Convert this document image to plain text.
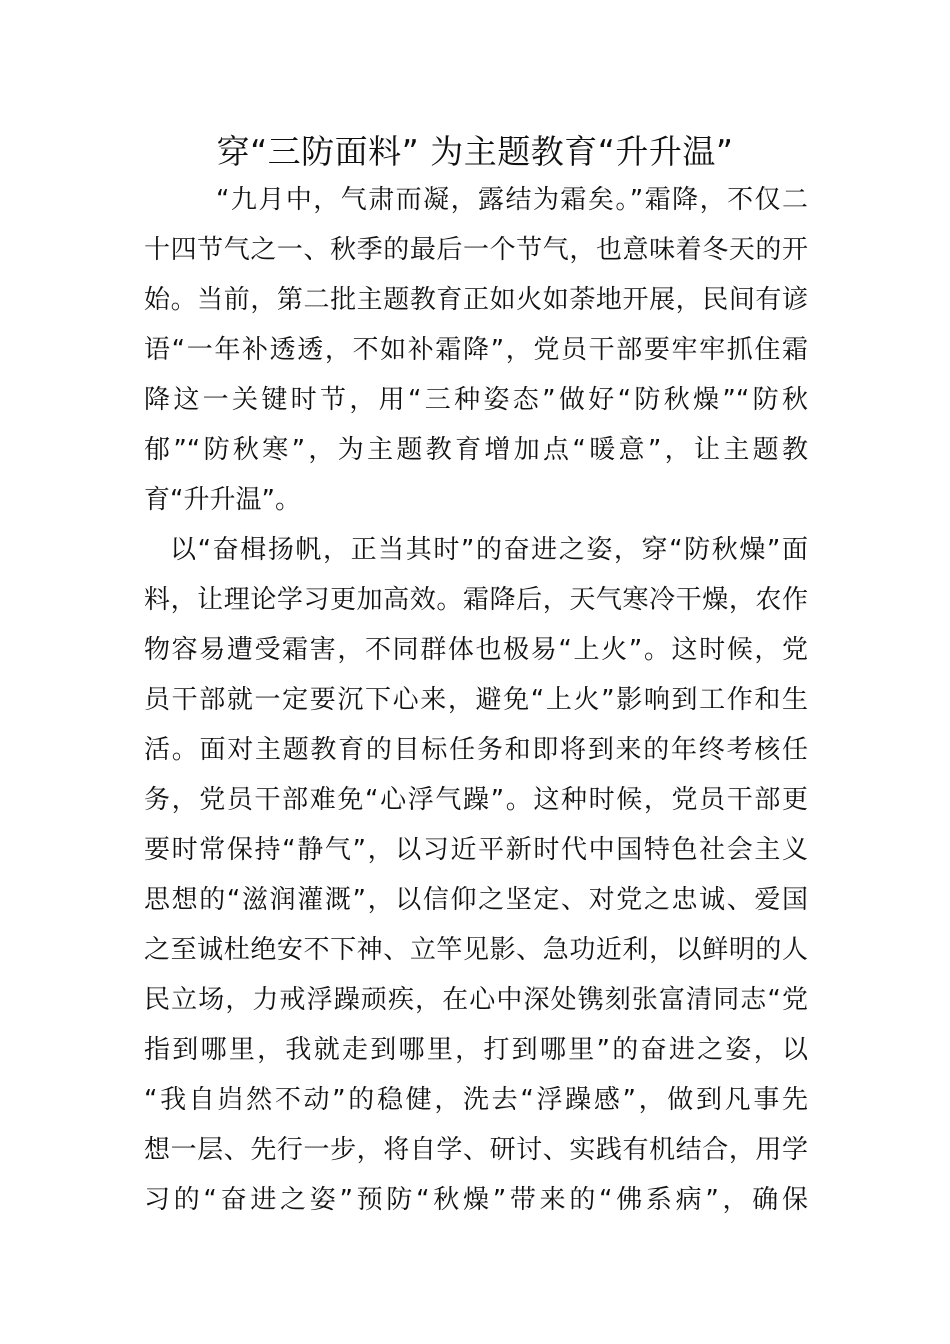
穿“三防面料” 为主题教育“升升温”

“九月中，气肃而凝，露结为霜矣。”霜降，不仅二

十四节气之一、秋季的最后一个节气，也意味着冬天的开

始。当前，第二批主题教育正如火如荼地开展，民间有谚

语“一年补透透，不如补霜降”，党员干部要牢牢抓住霜

降这一关键时节，用“三种姿态”做好“防秋燥”“防秋

郁”“防秋寒”，为主题教育增加点“暖意”，让主题教

育“升升温”。

以“奋楫扬帆，正当其时”的奋进之姿，穿“防秋燥”面

料，让理论学习更加高效。霜降后，天气寒冷干燥，农作

物容易遭受霜害，不同群体也极易“上火”。这时候，党

员干部就一定要沉下心来，避免“上火”影响到工作和生

活。面对主题教育的目标任务和即将到来的年终考核任

务，党员干部难免“心浮气躁”。这种时候，党员干部更

要时常保持“静气”，以习近平新时代中国特色社会主义

思想的“滋润灌溉”，以信仰之坚定、对党之忠诚、爱国

之至诚杜绝安不下神、立竿见影、急功近利，以鲜明的人

民立场，力戒浮躁顽疾，在心中深处镌刻张富清同志“党

指到哪里，我就走到哪里，打到哪里”的奋进之姿，以

“我自岿然不动”的稳健，洗去“浮躁感”，做到凡事先

想一层、先行一步，将自学、研讨、实践有机结合，用学

习的“奋进之姿”预防“秋燥”带来的“佛系病”，确保
